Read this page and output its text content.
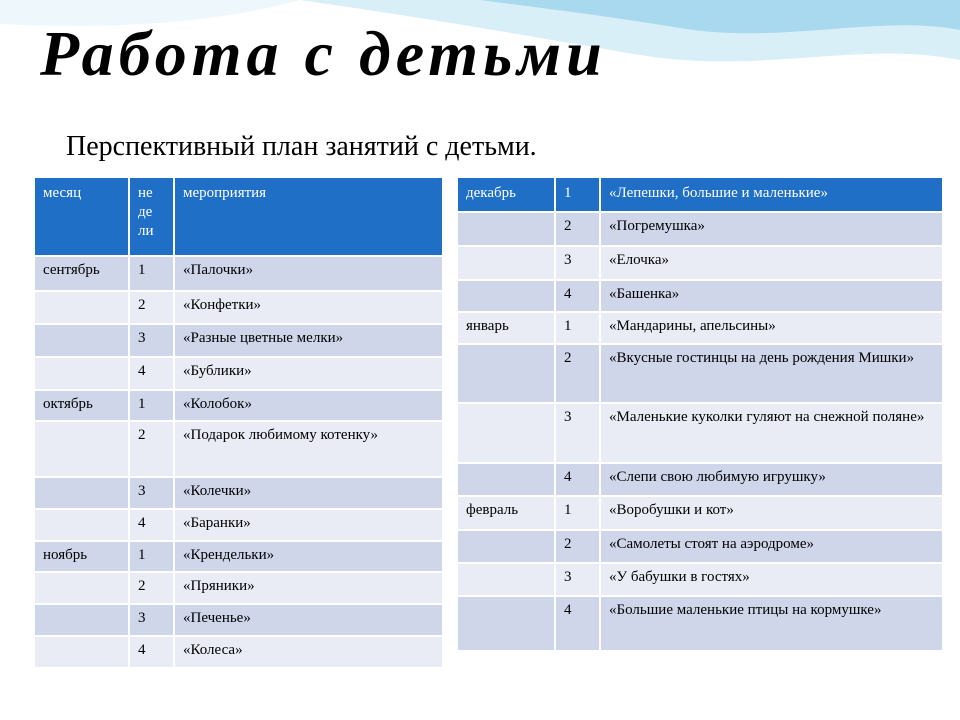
Работа с детьми

Перспективный план занятий с детьми.

месяц	не де ли	мероприятия
сентябрь	1	«Палочки»
	2	«Конфетки»
	3	«Разные цветные мелки»
	4	«Бублики»
октябрь	1	«Колобок»
	2	«Подарок любимому котенку»
	3	«Колечки»
	4	«Баранки»
ноябрь	1	«Крендельки»
	2	«Пряники»
	3	«Печенье»
	4	«Колеса»
декабрь	1	«Лепешки, большие и маленькие»
	2	«Погремушка»
	3	«Елочка»
	4	«Башенка»
январь	1	«Мандарины, апельсины»
	2	«Вкусные гостинцы на день рождения Мишки»
	3	«Маленькие куколки гуляют на снежной поляне»
	4	«Слепи свою любимую игрушку»
февраль	1	«Воробушки и кот»
	2	«Самолеты стоят на аэродроме»
	3	«У бабушки в гостях»
	4	«Большие маленькие птицы на кормушке»
